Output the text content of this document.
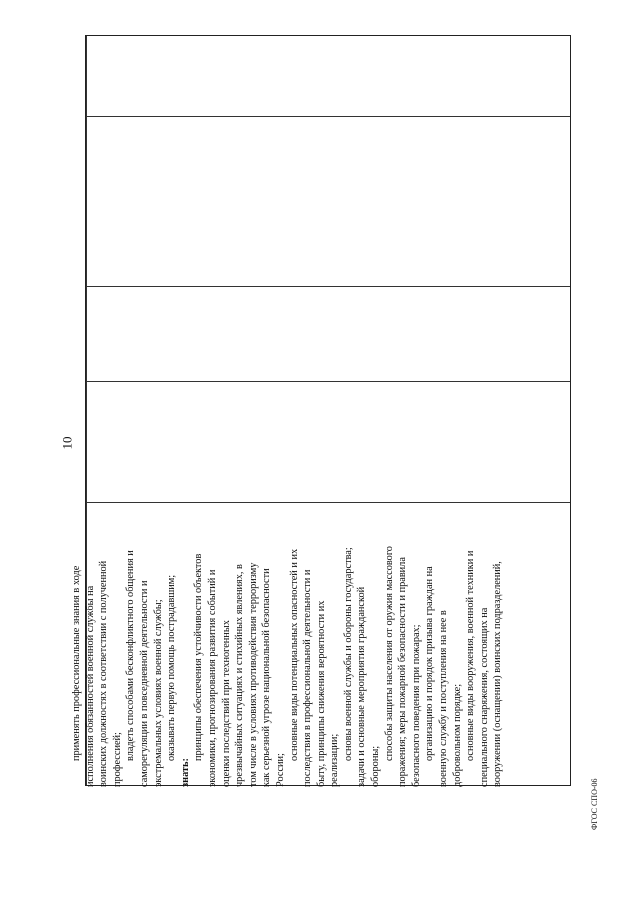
10

применять профессиональные знания в ходе исполнения обязанностей военной службы на воинских должностях в соответствии с полученной профессией; владеть способами бесконфликтного общения и саморегуляции в повседневной деятельности и экстремальных условиях военной службы; оказывать первую помощь пострадавшим;

знать:

принципы обеспечения устойчивости объектов экономики, прогнозирования развития событий и оценки последствий при техногенных чрезвычайных ситуациях и стихийных явлениях, в том числе в условиях противодействия терроризму как серьезной угрозе национальной безопасности России;

основные виды потенциальных опасностей и их последствия в профессиональной деятельности и быту, принципы снижения вероятности их реализации; основы военной службы и обороны государства; задачи и основные мероприятия гражданской обороны;

способы защиты населения от оружия массового поражения; меры пожарной безопасности и правила безопасного поведения при пожарах; организацию и порядок призыва граждан на военную службу и поступления на нее в добровольном порядке; основные виды вооружения, военной техники и специального снаряжения, состоящих на вооружении (оснащении) воинских подразделений,

ФГОС СПО-06
